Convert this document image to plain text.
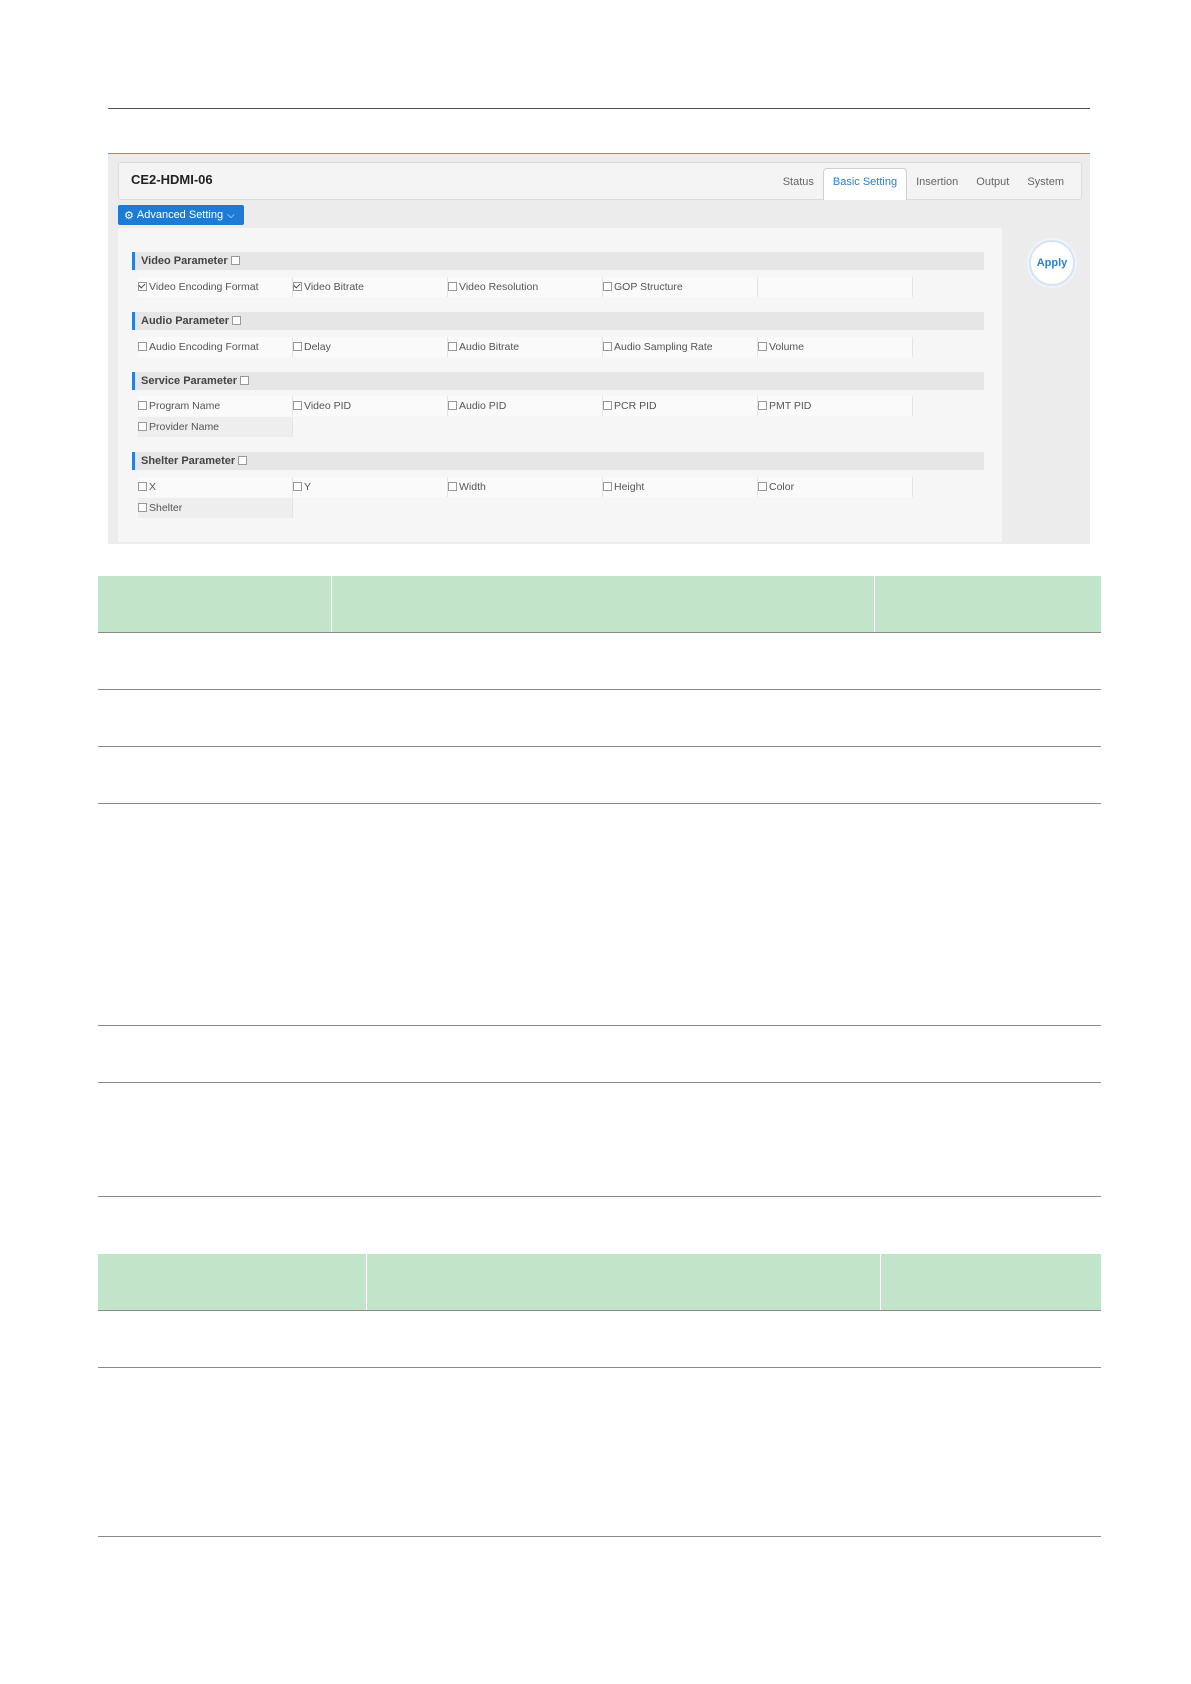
CE2-HDMI-06	Status	Basic Setting	Insertion	Output	System
⚙ Advanced Setting ⌵
Video Parameter
Video Encoding Format	Video Bitrate	Video Resolution	GOP Structure
Audio Parameter
Audio Encoding Format	Delay	Audio Bitrate	Audio Sampling Rate	Volume
Service Parameter
Program Name	Video PID	Audio PID	PCR PID	PMT PID
Provider Name
Shelter Parameter
X	Y	Width	Height	Color
Shelter
Apply
